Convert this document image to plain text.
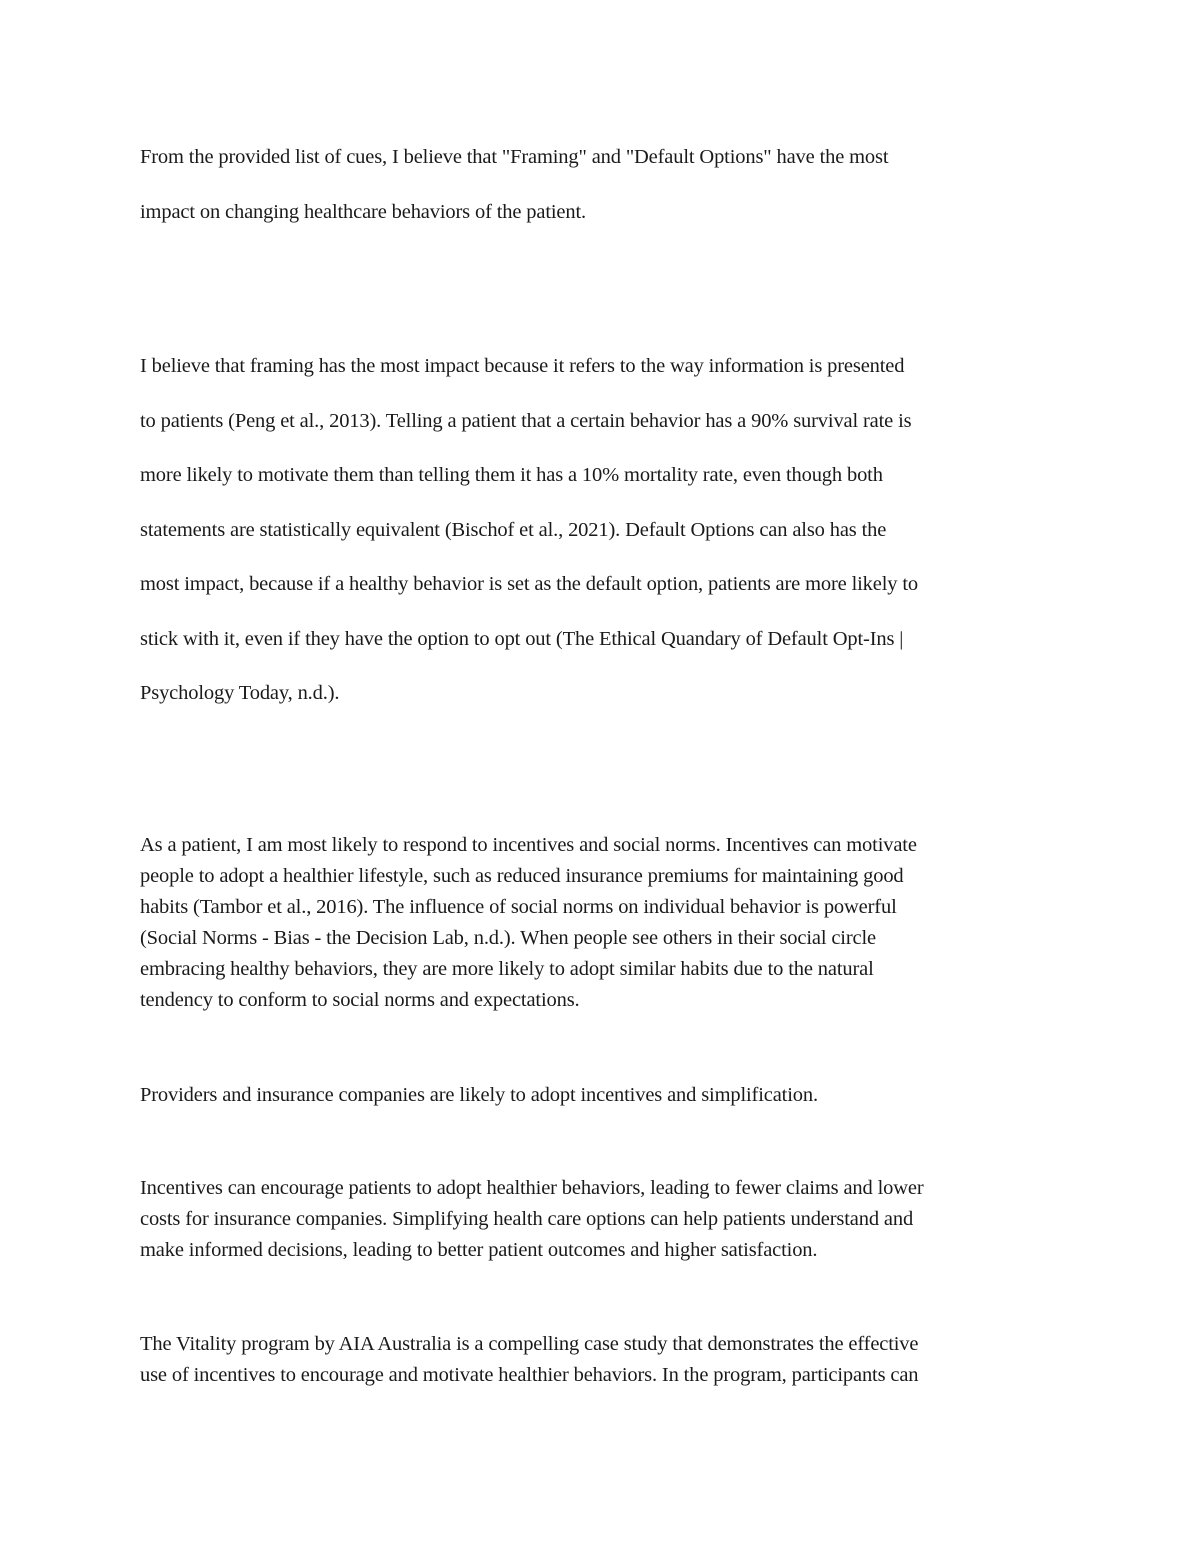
From the provided list of cues, I believe that "Framing" and "Default Options" have the most
impact on changing healthcare behaviors of the patient.

I believe that framing has the most impact because it refers to the way information is presented
to patients (Peng et al., 2013). Telling a patient that a certain behavior has a 90% survival rate is
more likely to motivate them than telling them it has a 10% mortality rate, even though both
statements are statistically equivalent (Bischof et al., 2021). Default Options can also has the
most impact, because if a healthy behavior is set as the default option, patients are more likely to
stick with it, even if they have the option to opt out (The Ethical Quandary of Default Opt-Ins |
Psychology Today, n.d.).

As a patient, I am most likely to respond to incentives and social norms. Incentives can motivate
people to adopt a healthier lifestyle, such as reduced insurance premiums for maintaining good
habits (Tambor et al., 2016). The influence of social norms on individual behavior is powerful
(Social Norms - Bias - the Decision Lab, n.d.). When people see others in their social circle
embracing healthy behaviors, they are more likely to adopt similar habits due to the natural
tendency to conform to social norms and expectations.

Providers and insurance companies are likely to adopt incentives and simplification.

Incentives can encourage patients to adopt healthier behaviors, leading to fewer claims and lower
costs for insurance companies. Simplifying health care options can help patients understand and
make informed decisions, leading to better patient outcomes and higher satisfaction.

The Vitality program by AIA Australia is a compelling case study that demonstrates the effective
use of incentives to encourage and motivate healthier behaviors. In the program, participants can
